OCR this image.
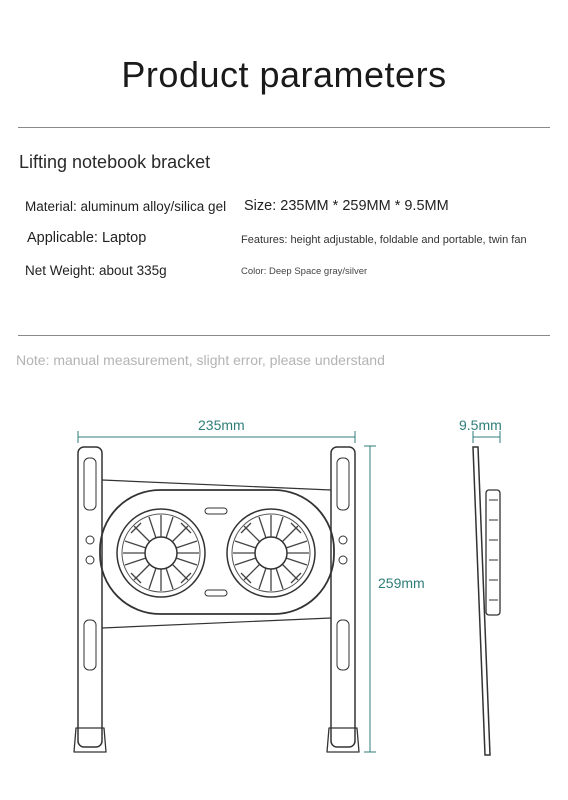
Product parameters
Lifting notebook bracket
Material: aluminum alloy/silica gel Size: 235MM * 259MM * 9.5MM
Applicable: Laptop	Features: height adjustable, foldable and portable, twin fan
Net Weight: about 335g	Color: Deep Space gray/silver
Note: manual measurement, slight error, please understand
235mm
259mm
9.5mm
